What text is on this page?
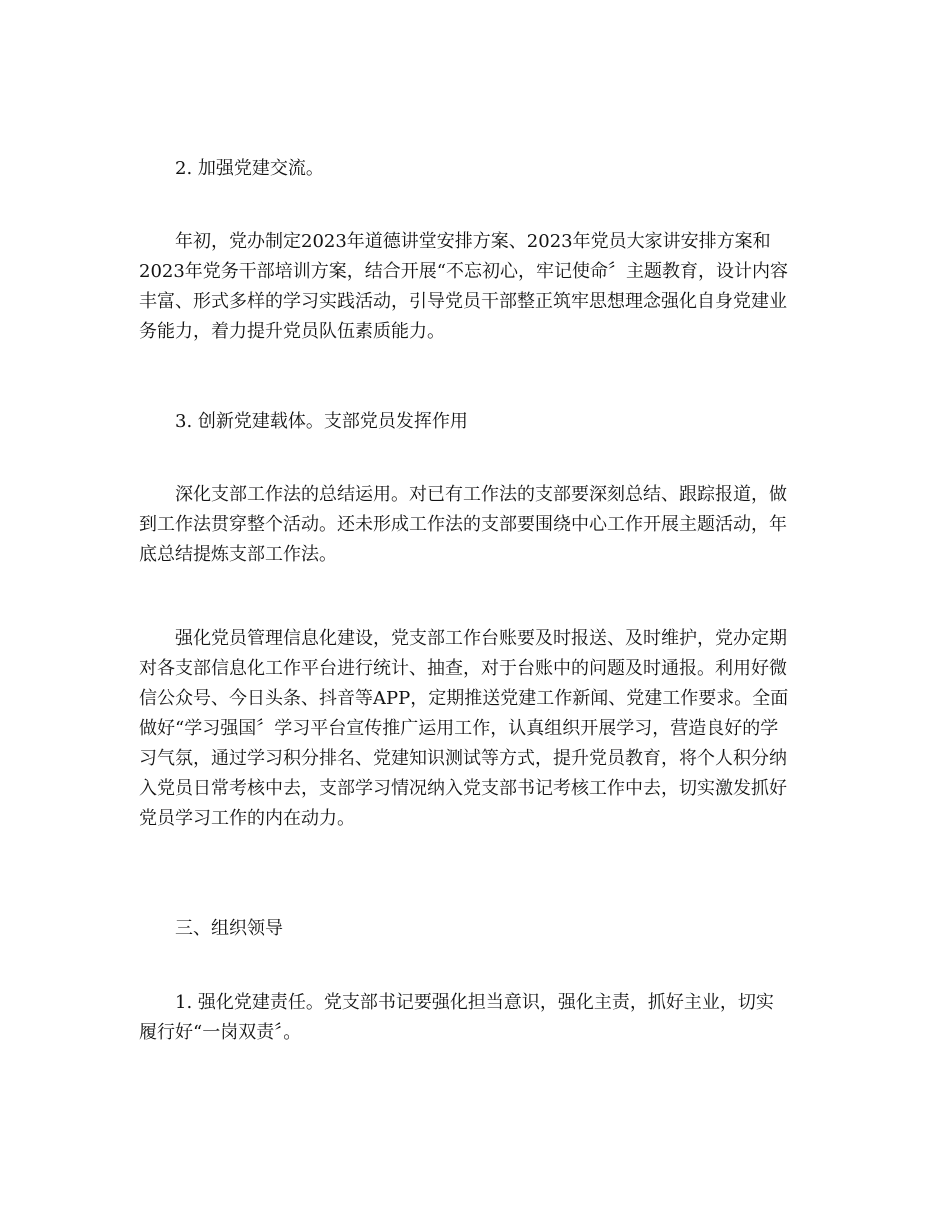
2. 加强党建交流。

年初，党办制定2023年道德讲堂安排方案、2023年党员大家讲安排方案和
2023年党务干部培训方案，结合开展“不忘初心，牢记使命〞主题教育，设计内容
丰富、形式多样的学习实践活动，引导党员干部整正筑牢思想理念强化自身党建业
务能力，着力提升党员队伍素质能力。

3. 创新党建载体。支部党员发挥作用

深化支部工作法的总结运用。对已有工作法的支部要深刻总结、跟踪报道，做
到工作法贯穿整个活动。还未形成工作法的支部要围绕中心工作开展主题活动，年
底总结提炼支部工作法。
强化党员管理信息化建设，党支部工作台账要及时报送、及时维护，党办定期
对各支部信息化工作平台进行统计、抽查，对于台账中的问题及时通报。利用好微
信公众号、今日头条、抖音等APP，定期推送党建工作新闻、党建工作要求。全面
做好“学习强国〞学习平台宣传推广运用工作，认真组织开展学习，营造良好的学
习气氛，通过学习积分排名、党建知识测试等方式，提升党员教育，将个人积分纳
入党员日常考核中去，支部学习情况纳入党支部书记考核工作中去，切实激发抓好
党员学习工作的内在动力。

三、组织领导

1. 强化党建责任。党支部书记要强化担当意识，强化主责，抓好主业，切实
履行好“一岗双责〞。
